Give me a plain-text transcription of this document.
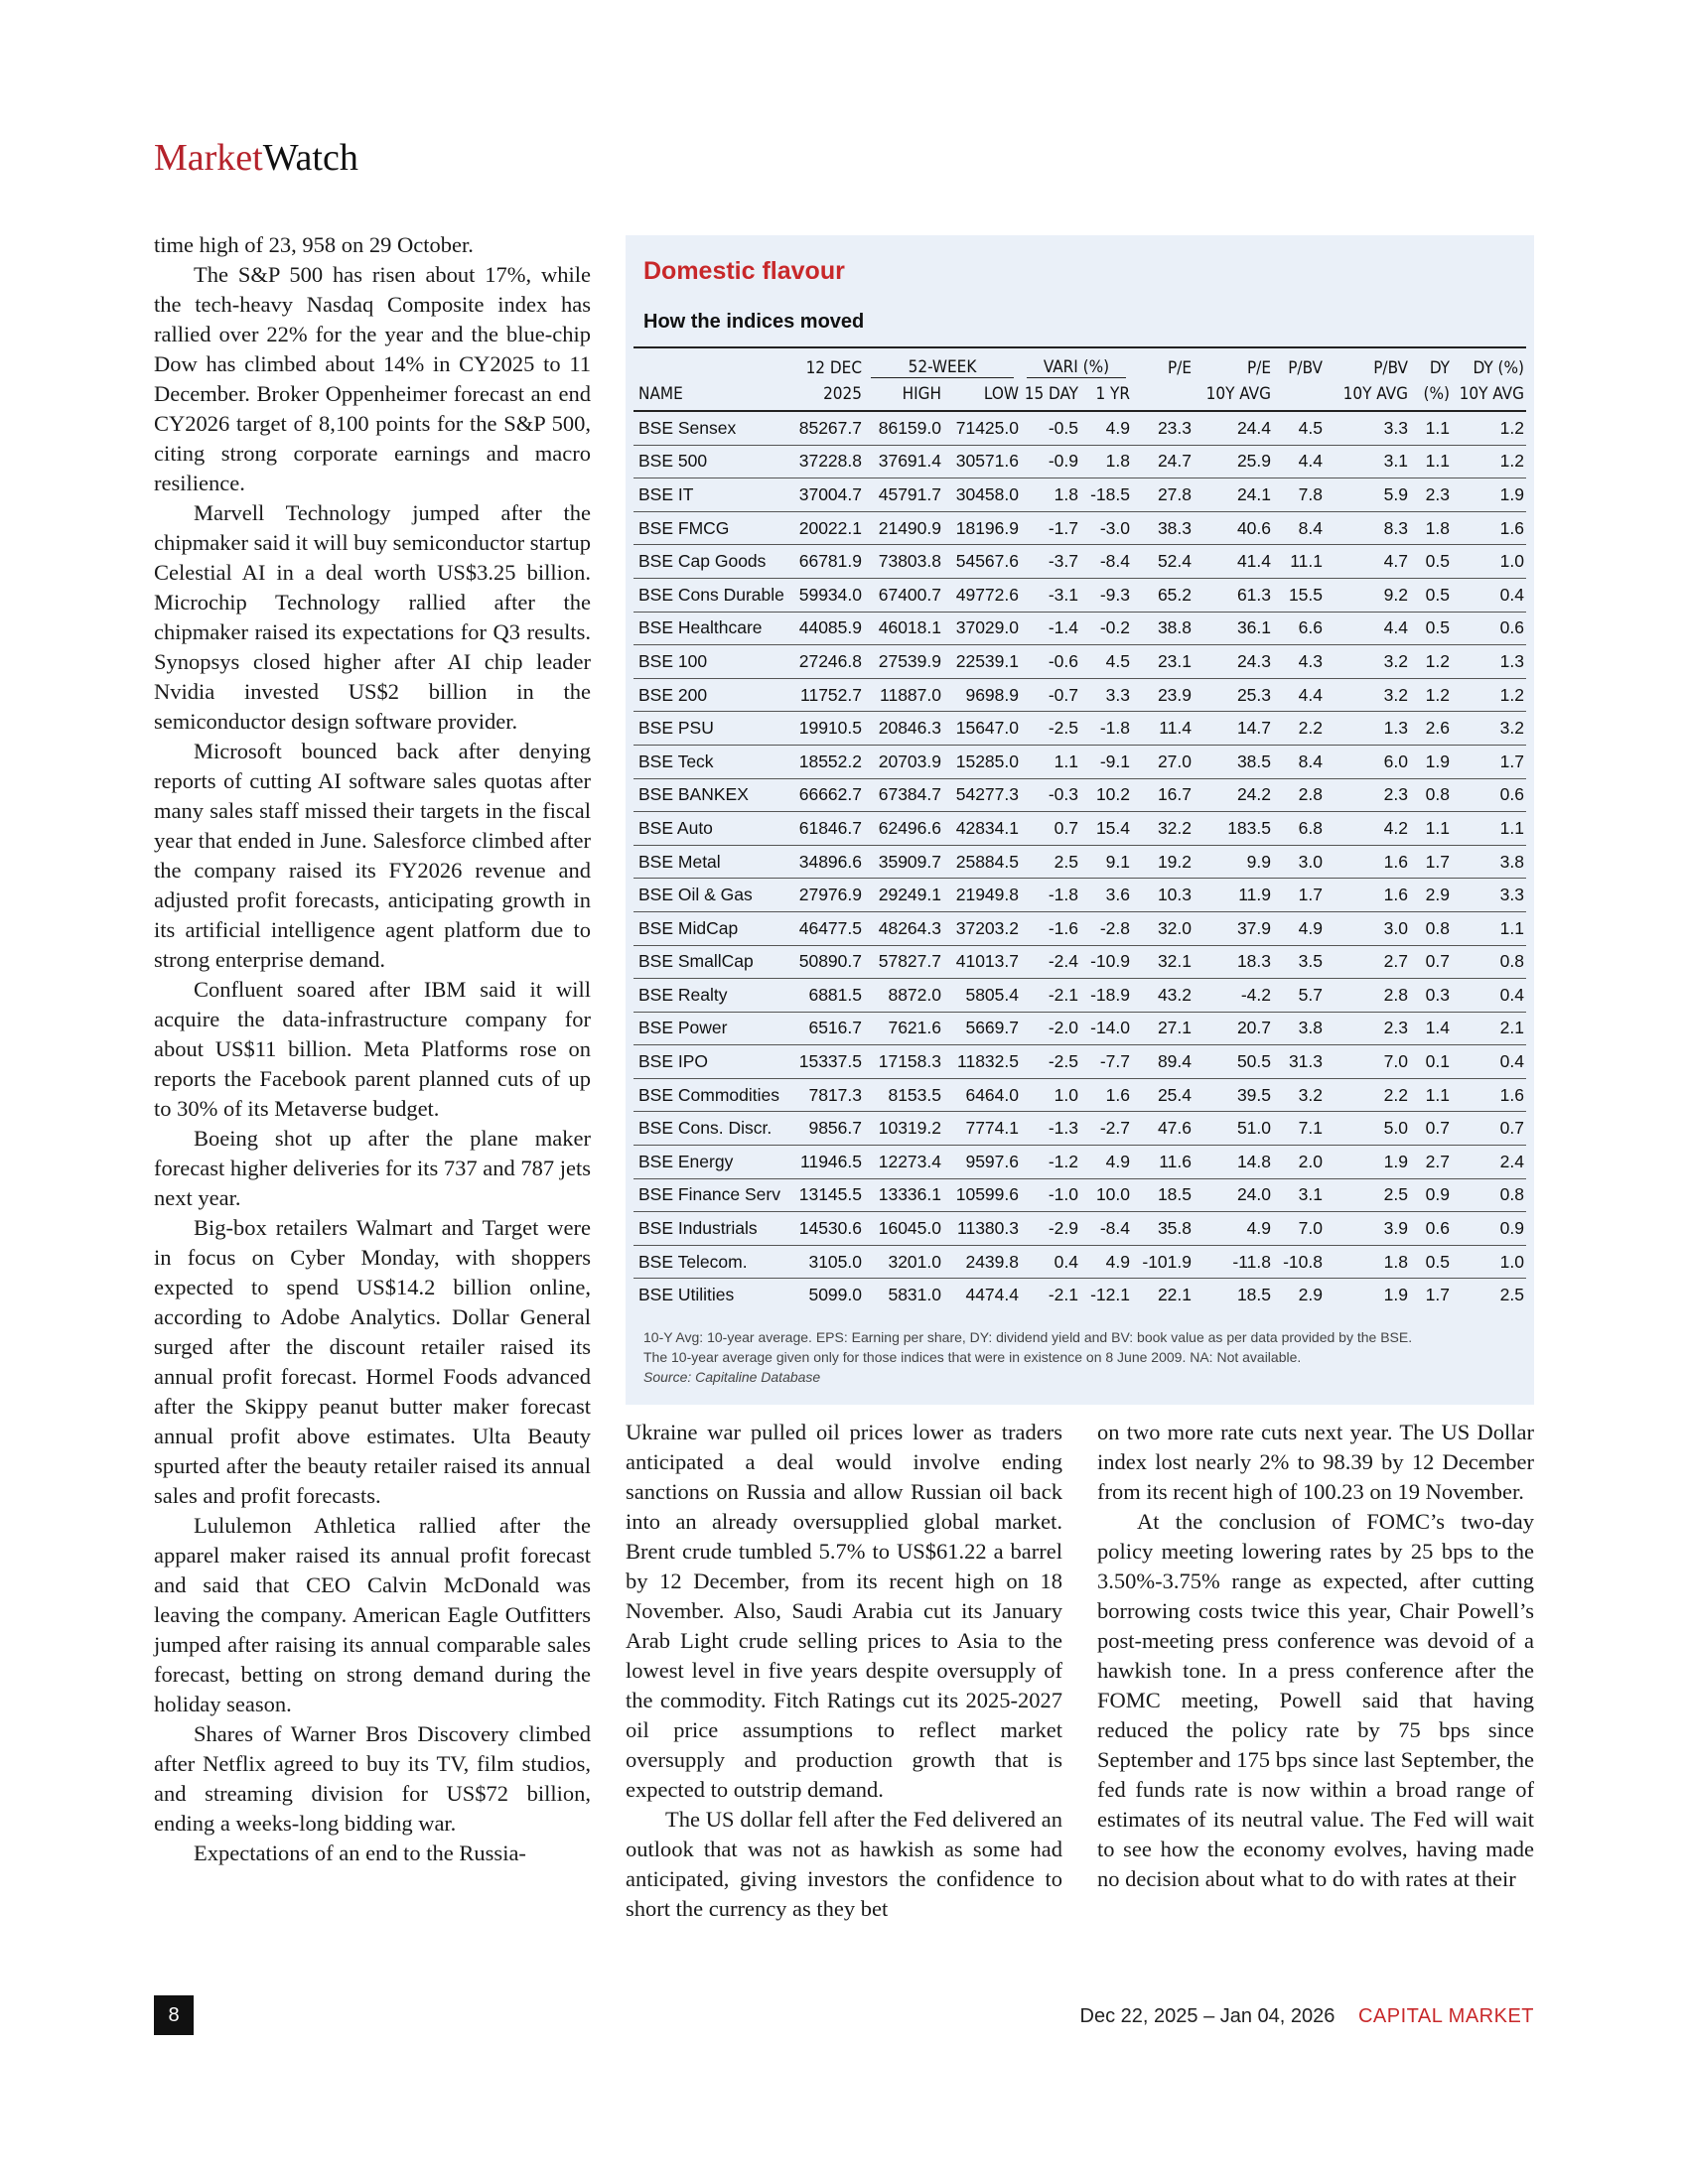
MarketWatch

time high of 23, 958 on 29 October.

The S&P 500 has risen about 17%, while the tech-heavy Nasdaq Composite index has rallied over 22% for the year and the blue-chip Dow has climbed about 14% in CY2025 to 11 December. Broker Oppenheimer forecast an end CY2026 target of 8,100 points for the S&P 500, citing strong corporate earnings and macro resilience.

Marvell Technology jumped after the chipmaker said it will buy semiconductor startup Celestial AI in a deal worth US$3.25 billion. Microchip Technology rallied after the chipmaker raised its expectations for Q3 results. Synopsys closed higher after AI chip leader Nvidia invested US$2 billion in the semiconductor design software provider.

Microsoft bounced back after denying reports of cutting AI software sales quotas after many sales staff missed their targets in the fiscal year that ended in June. Salesforce climbed after the company raised its FY2026 revenue and adjusted profit forecasts, anticipating growth in its artificial intelligence agent platform due to strong enterprise demand.

Confluent soared after IBM said it will acquire the data-infrastructure company for about US$11 billion. Meta Platforms rose on reports the Facebook parent planned cuts of up to 30% of its Metaverse budget.

Boeing shot up after the plane maker forecast higher deliveries for its 737 and 787 jets next year.

Big-box retailers Walmart and Target were in focus on Cyber Monday, with shoppers expected to spend US$14.2 billion online, according to Adobe Analytics. Dollar General surged after the discount retailer raised its annual profit forecast. Hormel Foods advanced after the Skippy peanut butter maker forecast annual profit above estimates. Ulta Beauty spurted after the beauty retailer raised its annual sales and profit forecasts.

Lululemon Athletica rallied after the apparel maker raised its annual profit forecast and said that CEO Calvin McDonald was leaving the company. American Eagle Outfitters jumped after raising its annual comparable sales forecast, betting on strong demand during the holiday season.

Shares of Warner Bros Discovery climbed after Netflix agreed to buy its TV, film studios, and streaming division for US$72 billion, ending a weeks-long bidding war.

Expectations of an end to the Russia-

Domestic flavour
How the indices moved
	12 DEC	52-WEEK		VARI (%)		P/E	P/E	P/BV	P/BV	DY	DY (%)
NAME	2025	HIGH	LOW	15 DAY	1 YR		10Y AVG		10Y AVG	(%)	10Y AVG
BSE Sensex	85267.7	86159.0	71425.0	-0.5	4.9	23.3	24.4	4.5	3.3	1.1	1.2
BSE 500	37228.8	37691.4	30571.6	-0.9	1.8	24.7	25.9	4.4	3.1	1.1	1.2
BSE IT	37004.7	45791.7	30458.0	1.8	-18.5	27.8	24.1	7.8	5.9	2.3	1.9
BSE FMCG	20022.1	21490.9	18196.9	-1.7	-3.0	38.3	40.6	8.4	8.3	1.8	1.6
BSE Cap Goods	66781.9	73803.8	54567.6	-3.7	-8.4	52.4	41.4	11.1	4.7	0.5	1.0
BSE Cons Durable	59934.0	67400.7	49772.6	-3.1	-9.3	65.2	61.3	15.5	9.2	0.5	0.4
BSE Healthcare	44085.9	46018.1	37029.0	-1.4	-0.2	38.8	36.1	6.6	4.4	0.5	0.6
BSE 100	27246.8	27539.9	22539.1	-0.6	4.5	23.1	24.3	4.3	3.2	1.2	1.3
BSE 200	11752.7	11887.0	9698.9	-0.7	3.3	23.9	25.3	4.4	3.2	1.2	1.2
BSE PSU	19910.5	20846.3	15647.0	-2.5	-1.8	11.4	14.7	2.2	1.3	2.6	3.2
BSE Teck	18552.2	20703.9	15285.0	1.1	-9.1	27.0	38.5	8.4	6.0	1.9	1.7
BSE BANKEX	66662.7	67384.7	54277.3	-0.3	10.2	16.7	24.2	2.8	2.3	0.8	0.6
BSE Auto	61846.7	62496.6	42834.1	0.7	15.4	32.2	183.5	6.8	4.2	1.1	1.1
BSE Metal	34896.6	35909.7	25884.5	2.5	9.1	19.2	9.9	3.0	1.6	1.7	3.8
BSE Oil & Gas	27976.9	29249.1	21949.8	-1.8	3.6	10.3	11.9	1.7	1.6	2.9	3.3
BSE MidCap	46477.5	48264.3	37203.2	-1.6	-2.8	32.0	37.9	4.9	3.0	0.8	1.1
BSE SmallCap	50890.7	57827.7	41013.7	-2.4	-10.9	32.1	18.3	3.5	2.7	0.7	0.8
BSE Realty	6881.5	8872.0	5805.4	-2.1	-18.9	43.2	-4.2	5.7	2.8	0.3	0.4
BSE Power	6516.7	7621.6	5669.7	-2.0	-14.0	27.1	20.7	3.8	2.3	1.4	2.1
BSE IPO	15337.5	17158.3	11832.5	-2.5	-7.7	89.4	50.5	31.3	7.0	0.1	0.4
BSE Commodities	7817.3	8153.5	6464.0	1.0	1.6	25.4	39.5	3.2	2.2	1.1	1.6
BSE Cons. Discr.	9856.7	10319.2	7774.1	-1.3	-2.7	47.6	51.0	7.1	5.0	0.7	0.7
BSE Energy	11946.5	12273.4	9597.6	-1.2	4.9	11.6	14.8	2.0	1.9	2.7	2.4
BSE Finance Serv	13145.5	13336.1	10599.6	-1.0	10.0	18.5	24.0	3.1	2.5	0.9	0.8
BSE Industrials	14530.6	16045.0	11380.3	-2.9	-8.4	35.8	4.9	7.0	3.9	0.6	0.9
BSE Telecom.	3105.0	3201.0	2439.8	0.4	4.9	-101.9	-11.8	-10.8	1.8	0.5	1.0
BSE Utilities	5099.0	5831.0	4474.4	-2.1	-12.1	22.1	18.5	2.9	1.9	1.7	2.5
10-Y Avg: 10-year average. EPS: Earning per share, DY: dividend yield and BV: book value as per data provided by the BSE.
The 10-year average given only for those indices that were in existence on 8 June 2009. NA: Not available.
Source: Capitaline Database

Ukraine war pulled oil prices lower as traders anticipated a deal would involve ending sanctions on Russia and allow Russian oil back into an already oversupplied global market. Brent crude tumbled 5.7% to US$61.22 a barrel by 12 December, from its recent high on 18 November. Also, Saudi Arabia cut its January Arab Light crude selling prices to Asia to the lowest level in five years despite oversupply of the commodity. Fitch Ratings cut its 2025-2027 oil price assumptions to reflect market oversupply and production growth that is expected to outstrip demand.

The US dollar fell after the Fed delivered an outlook that was not as hawkish as some had anticipated, giving investors the confidence to short the currency as they bet

on two more rate cuts next year. The US Dollar index lost nearly 2% to 98.39 by 12 December from its recent high of 100.23 on 19 November.

At the conclusion of FOMC’s two-day policy meeting lowering rates by 25 bps to the 3.50%-3.75% range as expected, after cutting borrowing costs twice this year, Chair Powell’s post-meeting press conference was devoid of a hawkish tone. In a press conference after the FOMC meeting, Powell said that having reduced the policy rate by 75 bps since September and 175 bps since last September, the fed funds rate is now within a broad range of estimates of its neutral value. The Fed will wait to see how the economy evolves, having made no decision about what to do with rates at their

8	Dec 22, 2025 – Jan 04, 2026 CAPITAL MARKET
